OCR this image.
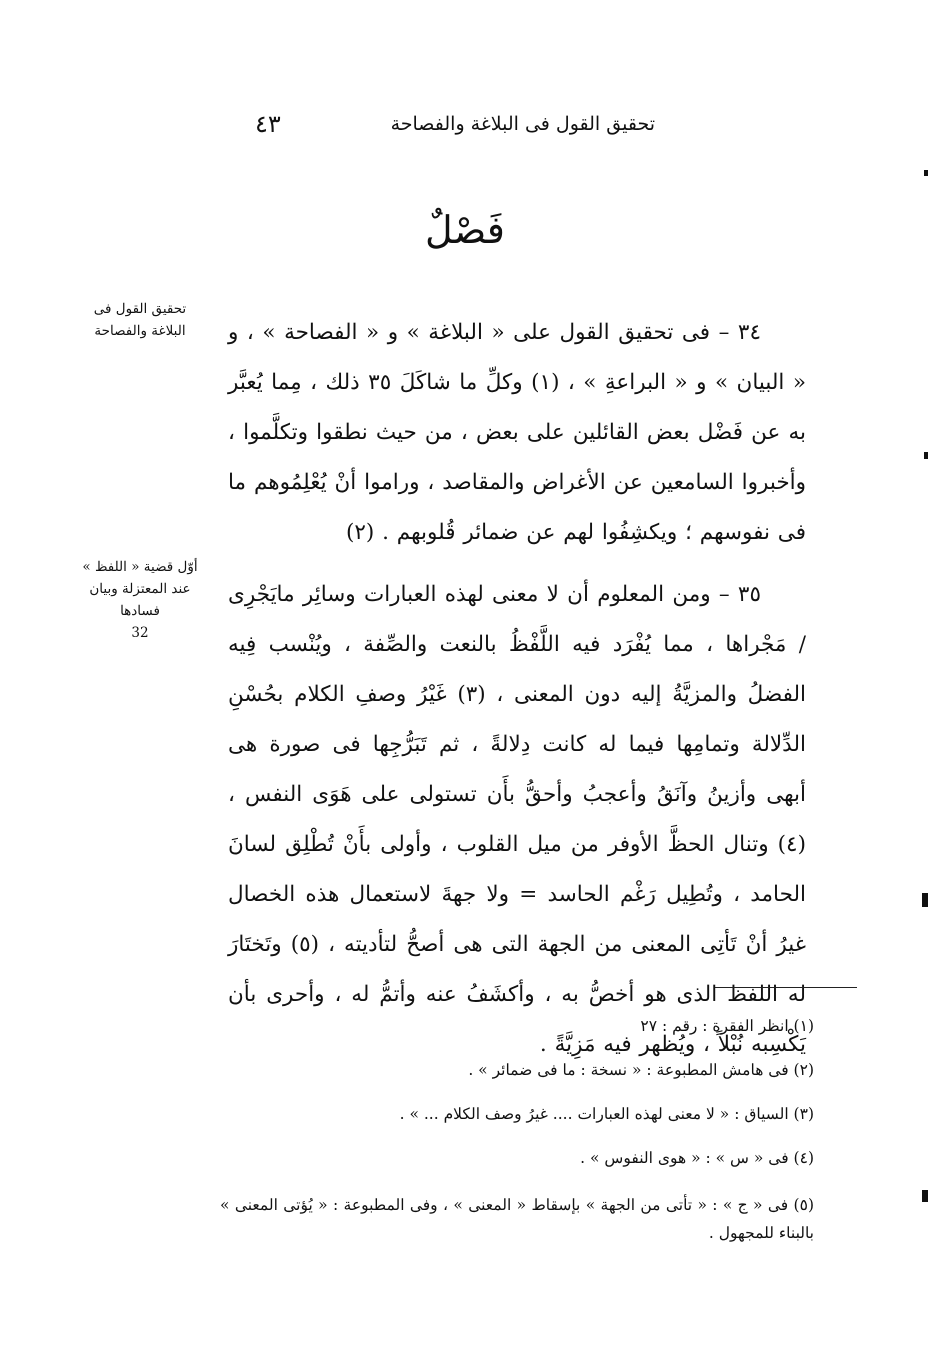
تحقيق القول فى البلاغة والفصاحة
٤٣
فَصْلٌ
تحقيق القول فى البلاغة والفصاحة	٣٤ – فى تحقيق القول على « البلاغة » و « الفصاحة » ، و « البيان » و « البراعةِ » ، (١) وكلِّ ما شاكَلَ ٣٥ ذلك ، مِما يُعبَّر به عن فَضْل بعض القائلين على بعض ، من حيث نطقوا وتكلَّموا ، وأخبروا السامعين عن الأغراض والمقاصد ، وراموا أنْ يُعْلِمُوهم ما فى نفوسهم ؛ ويكشِفُوا لهم عن ضمائر قُلوبهم . (٢)

أوّل قضية « اللفظ » عند المعتزلة وبيان فسادها
32

٣٥ – ومن المعلوم أن لا معنى لهذه العبارات وسائِر مايَجْرِى / مَجْراها ، مما يُفْرَد فيه اللَّفْظُ بالنعت والصِّفة ، ويُنْسب فِيه الفضلُ والمزيَّةُ إليه دون المعنى ، (٣) غَيْرُ وصفِ الكلام بحُسْنِ الدِّلالة وتمامِها فيما له كانت دِلالةً ، ثم تَبَرُّجِها فى صورة هى أبهى وأزينُ وآنَقُ وأعجبُ وأحقُّ بأَن تستولى على هَوَى النفس ، (٤) وتنال الحظَّ الأوفر من ميل القلوب ، وأولى بأَنْ تُطْلِق لسانَ الحامد ، وتُطِيل رَغْم الحاسد = ولا جهةَ لاستعمال هذه الخصال غيرُ أنْ تَأتِى المعنى من الجهة التى هى أصحُّ لتأديته ، (٥) وتَختَارَ له اللفظ الذى هو أخصُّ به ، وأكشَفُ عنه وأتمُّ له ، وأحرى بأن يَكْسِبه نُبْلاً ، ويُظهر فيه مَزِيَّةً .

(١) انظر الفقرة : رقم : ٢٧

(٢) فى هامش المطبوعة : « نسخة : ما فى ضمائر » .

(٣) السياق : « لا معنى لهذه العبارات .... غيرُ وصف الكلام ... » .

(٤) فى « س » : « هوى النفوس » .

(٥) فى « ج » : « تأتى من الجهة » بإسقاط « المعنى » ، وفى المطبوعة : « يُؤتى المعنى » بالبناء للمجهول .
